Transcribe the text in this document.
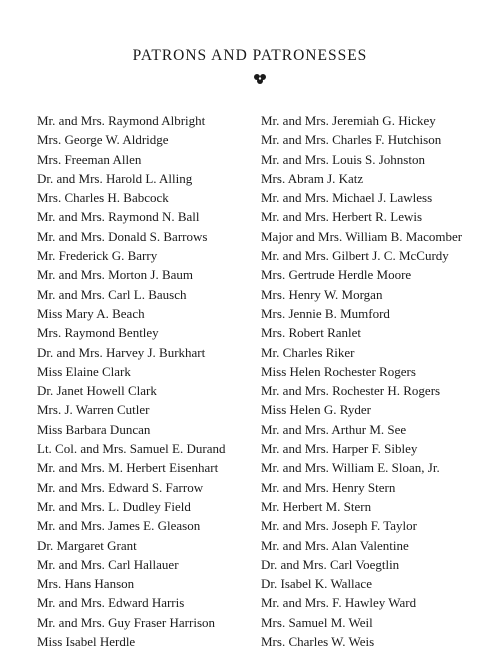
PATRONS AND PATRONESSES
Mr. and Mrs. Raymond Albright
Mrs. George W. Aldridge
Mrs. Freeman Allen
Dr. and Mrs. Harold L. Alling
Mrs. Charles H. Babcock
Mr. and Mrs. Raymond N. Ball
Mr. and Mrs. Donald S. Barrows
Mr. Frederick G. Barry
Mr. and Mrs. Morton J. Baum
Mr. and Mrs. Carl L. Bausch
Miss Mary A. Beach
Mrs. Raymond Bentley
Dr. and Mrs. Harvey J. Burkhart
Miss Elaine Clark
Dr. Janet Howell Clark
Mrs. J. Warren Cutler
Miss Barbara Duncan
Lt. Col. and Mrs. Samuel E. Durand
Mr. and Mrs. M. Herbert Eisenhart
Mr. and Mrs. Edward S. Farrow
Mr. and Mrs. L. Dudley Field
Mr. and Mrs. James E. Gleason
Dr. Margaret Grant
Mr. and Mrs. Carl Hallauer
Mrs. Hans Hanson
Mr. and Mrs. Edward Harris
Mr. and Mrs. Guy Fraser Harrison
Miss Isabel Herdle
Mr. and Mrs. Jeremiah G. Hickey
Mr. and Mrs. Charles F. Hutchison
Mr. and Mrs. Louis S. Johnston
Mrs. Abram J. Katz
Mr. and Mrs. Michael J. Lawless
Mr. and Mrs. Herbert R. Lewis
Major and Mrs. William B. Macomber
Mr. and Mrs. Gilbert J. C. McCurdy
Mrs. Gertrude Herdle Moore
Mrs. Henry W. Morgan
Mrs. Jennie B. Mumford
Mrs. Robert Ranlet
Mr. Charles Riker
Miss Helen Rochester Rogers
Mr. and Mrs. Rochester H. Rogers
Miss Helen G. Ryder
Mr. and Mrs. Arthur M. See
Mr. and Mrs. Harper F. Sibley
Mr. and Mrs. William E. Sloan, Jr.
Mr. and Mrs. Henry Stern
Mr. Herbert M. Stern
Mr. and Mrs. Joseph F. Taylor
Mr. and Mrs. Alan Valentine
Dr. and Mrs. Carl Voegtlin
Dr. Isabel K. Wallace
Mr. and Mrs. F. Hawley Ward
Mrs. Samuel M. Weil
Mrs. Charles W. Weis
